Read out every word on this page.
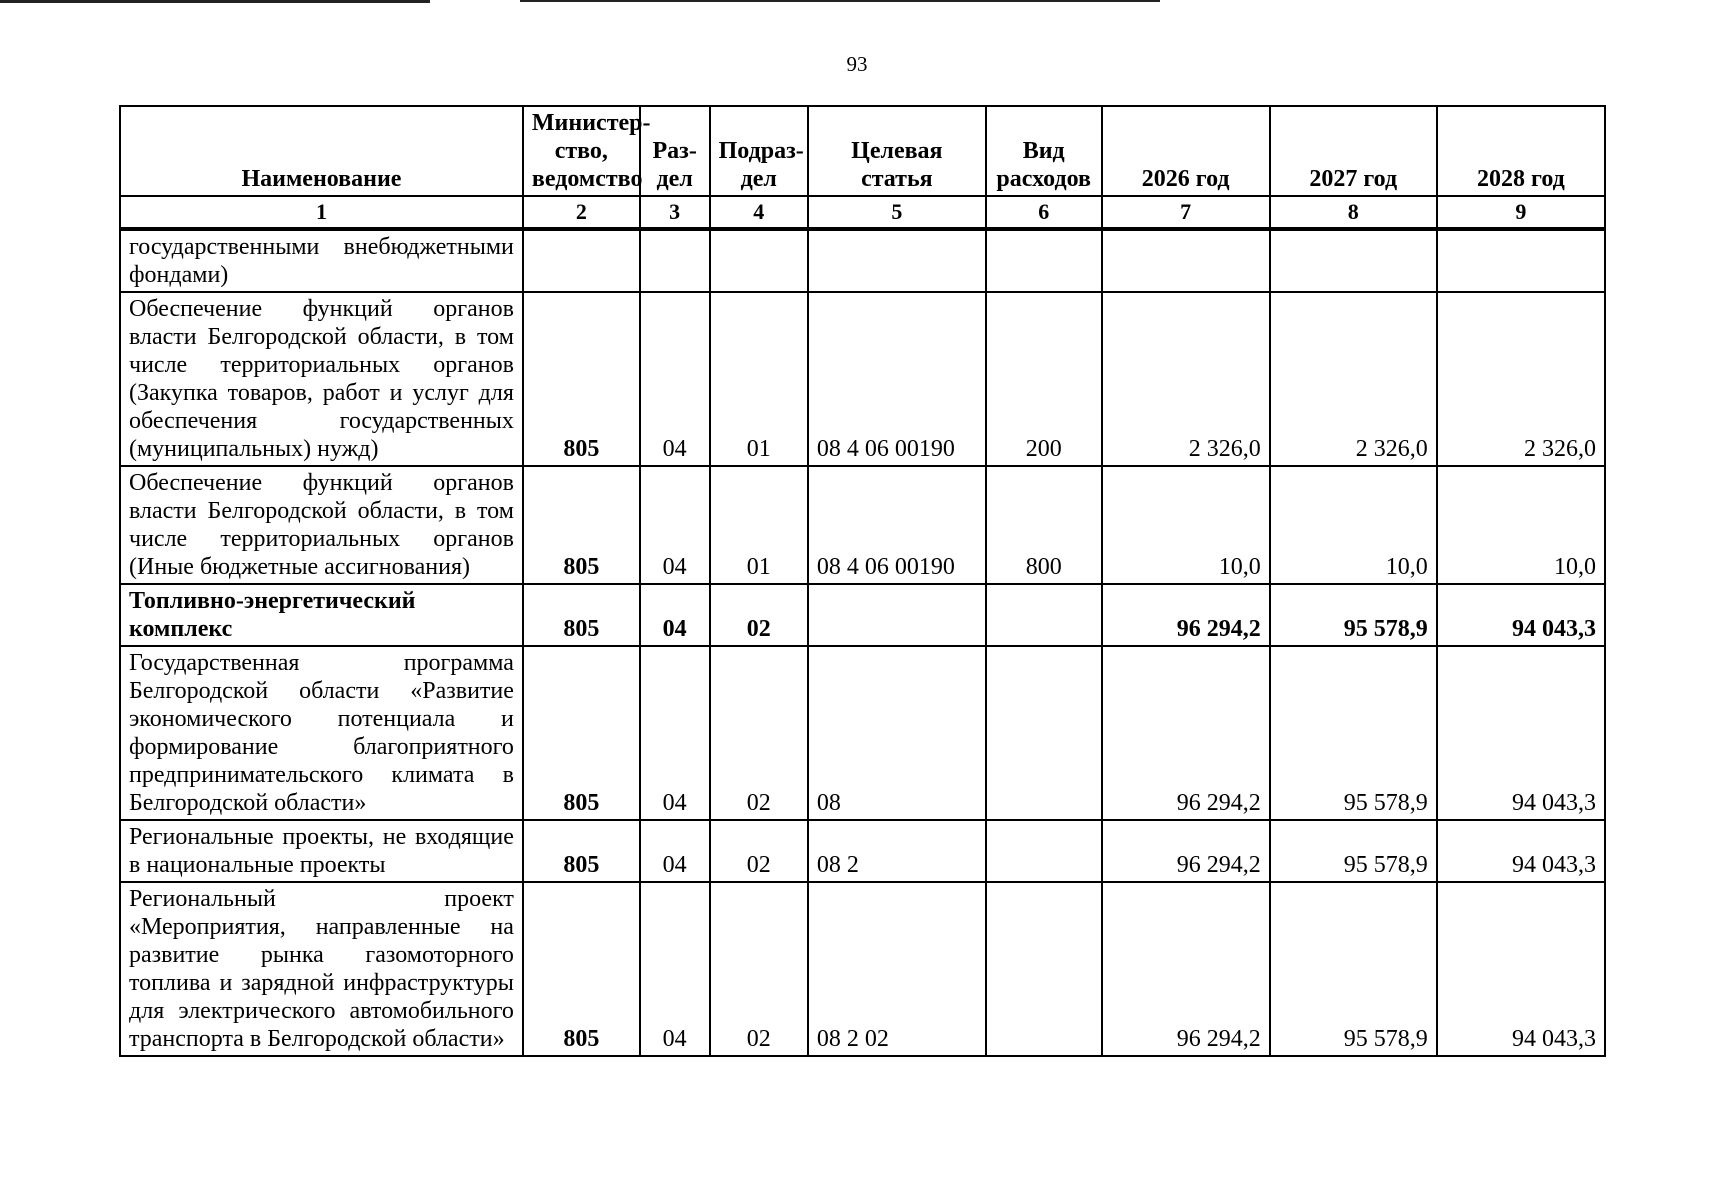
93
Наименование	Министер-ство, ведомство	Раз-дел	Подраз-дел	Целевая статья	Вид расходов	2026 год	2027 год	2028 год
1	2	3	4	5	6	7	8	9
государственными внебюджетными фондами)								
Обеспечение функций органов власти Белгородской области, в том числе территориальных органов (Закупка товаров, работ и услуг для обеспечения государственных (муниципальных) нужд)	805	04	01	08 4 06 00190	200	2 326,0	2 326,0	2 326,0
Обеспечение функций органов власти Белгородской области, в том числе территориальных органов (Иные бюджетные ассигнования)	805	04	01	08 4 06 00190	800	10,0	10,0	10,0
Топливно-энергетический комплекс	805	04	02			96 294,2	95 578,9	94 043,3
Государственная программа Белгородской области «Развитие экономического потенциала и формирование благоприятного предпринимательского климата в Белгородской области»	805	04	02	08		96 294,2	95 578,9	94 043,3
Региональные проекты, не входящие в национальные проекты	805	04	02	08 2		96 294,2	95 578,9	94 043,3
Региональный проект «Мероприятия, направленные на развитие рынка газомоторного топлива и зарядной инфраструктуры для электрического автомобильного транспорта в Белгородской области»	805	04	02	08 2 02		96 294,2	95 578,9	94 043,3
